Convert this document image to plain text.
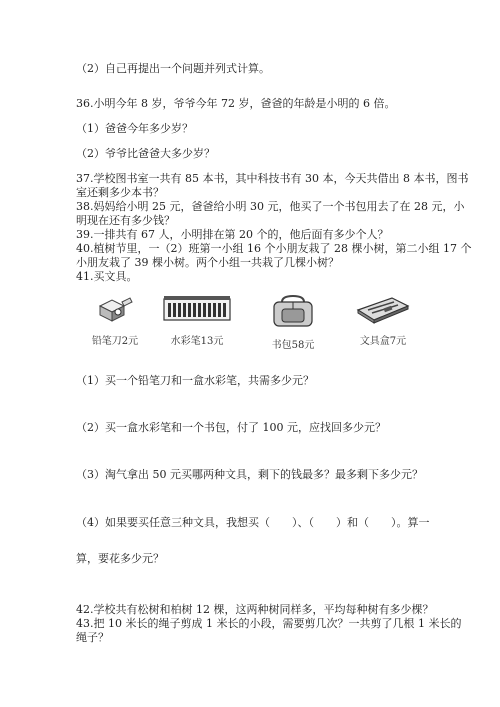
（2）自己再提出一个问题并列式计算。
36.小明今年 8 岁，爷爷今年 72 岁，爸爸的年龄是小明的 6 倍。
（1）爸爸今年多少岁？
（2）爷爷比爸爸大多少岁？
37.学校图书室一共有 85 本书，其中科技书有 30 本，今天共借出 8 本书，图书
室还剩多少本书？
38.妈妈给小明 25 元，爸爸给小明 30 元，他买了一个书包用去了在 28 元，小
明现在还有多少钱？
39.一排共有 67 人，小明排在第 20 个的，他后面有多少个人？
40.植树节里，一（2）班第一小组 16 个小朋友栽了 28 棵小树，第二小组 17 个
小朋友栽了 39 棵小树。两个小组一共栽了几棵小树？
41.买文具。
铅笔刀2元	水彩笔13元	书包58元	文具盒7元
（1）买一个铅笔刀和一盒水彩笔，共需多少元？
（2）买一盒水彩笔和一个书包，付了 100 元，应找回多少元？
（3）淘气拿出 50 元买哪两种文具，剩下的钱最多？最多剩下多少元？
（4）如果要买任意三种文具，我想买（　　）、（　　）和（　　）。算一
算，要花多少元？
42.学校共有松树和柏树 12 棵，这两种树同样多，平均每种树有多少棵？
43.把 10 米长的绳子剪成 1 米长的小段，需要剪几次？一共剪了几根 1 米长的
绳子？
